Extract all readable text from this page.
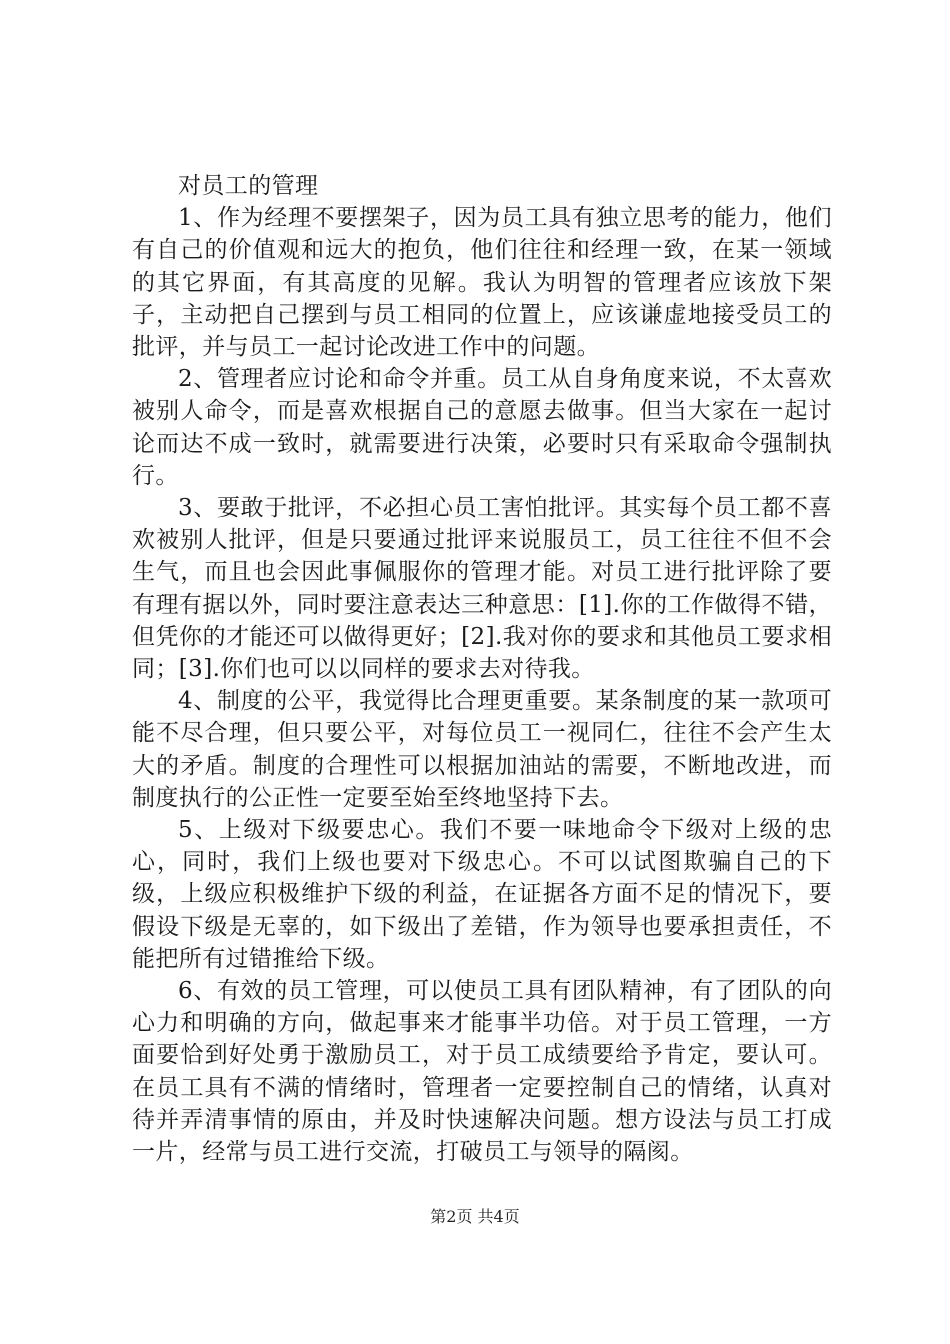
对员工的管理

1、作为经理不要摆架子，因为员工具有独立思考的能力，他们有自己的价值观和远大的抱负，他们往往和经理一致，在某一领域的其它界面，有其高度的见解。我认为明智的管理者应该放下架子，主动把自己摆到与员工相同的位置上，应该谦虚地接受员工的批评，并与员工一起讨论改进工作中的问题。

2、管理者应讨论和命令并重。员工从自身角度来说，不太喜欢被别人命令，而是喜欢根据自己的意愿去做事。但当大家在一起讨论而达不成一致时，就需要进行决策，必要时只有采取命令强制执行。

3、要敢于批评，不必担心员工害怕批评。其实每个员工都不喜欢被别人批评，但是只要通过批评来说服员工，员工往往不但不会生气，而且也会因此事佩服你的管理才能。对员工进行批评除了要有理有据以外，同时要注意表达三种意思：[1].你的工作做得不错，但凭你的才能还可以做得更好；[2].我对你的要求和其他员工要求相同；[3].你们也可以以同样的要求去对待我。

4、制度的公平，我觉得比合理更重要。某条制度的某一款项可能不尽合理，但只要公平，对每位员工一视同仁，往往不会产生太大的矛盾。制度的合理性可以根据加油站的需要，不断地改进，而制度执行的公正性一定要至始至终地坚持下去。

5、上级对下级要忠心。我们不要一味地命令下级对上级的忠心，同时，我们上级也要对下级忠心。不可以试图欺骗自己的下级，上级应积极维护下级的利益，在证据各方面不足的情况下，要假设下级是无辜的，如下级出了差错，作为领导也要承担责任，不能把所有过错推给下级。

6、有效的员工管理，可以使员工具有团队精神，有了团队的向心力和明确的方向，做起事来才能事半功倍。对于员工管理，一方面要恰到好处勇于激励员工，对于员工成绩要给予肯定，要认可。在员工具有不满的情绪时，管理者一定要控制自己的情绪，认真对待并弄清事情的原由，并及时快速解决问题。想方设法与员工打成一片，经常与员工进行交流，打破员工与领导的隔阂。

第2页 共4页
